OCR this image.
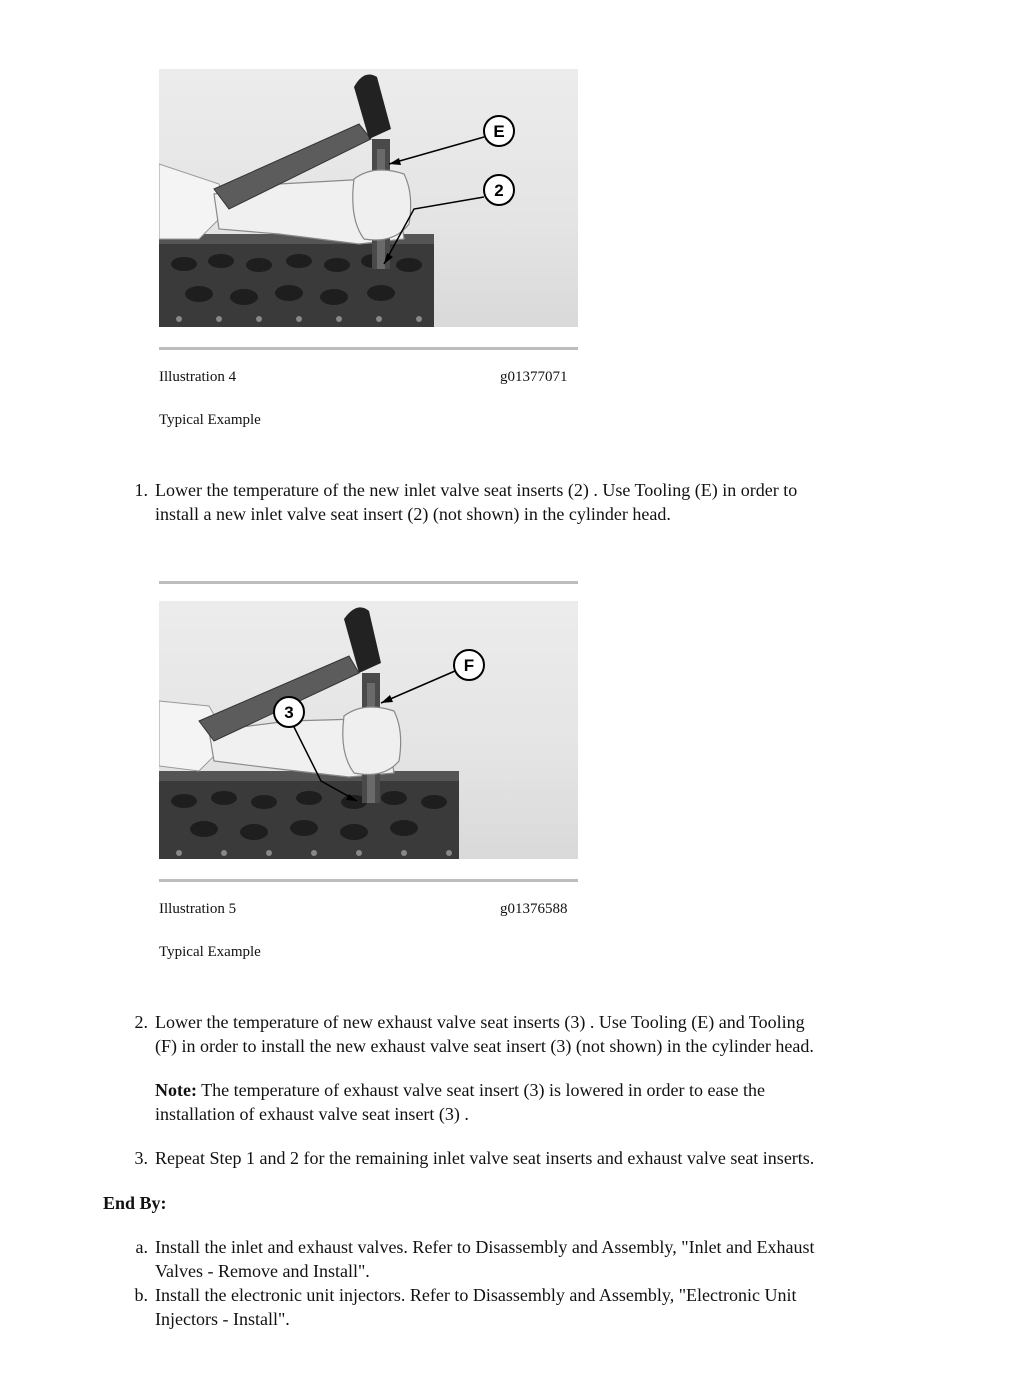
E
2
Illustration 4	g01377071
Typical Example
1. Lower the temperature of the new inlet valve seat inserts (2) . Use Tooling (E) in order to
install a new inlet valve seat insert (2) (not shown) in the cylinder head.
F
3
Illustration 5	g01376588
Typical Example
2. Lower the temperature of new exhaust valve seat inserts (3) . Use Tooling (E) and Tooling
(F) in order to install the new exhaust valve seat insert (3) (not shown) in the cylinder head.
Note: The temperature of exhaust valve seat insert (3) is lowered in order to ease the
installation of exhaust valve seat insert (3) .
3. Repeat Step 1 and 2 for the remaining inlet valve seat inserts and exhaust valve seat inserts.
End By:
a. Install the inlet and exhaust valves. Refer to Disassembly and Assembly, "Inlet and Exhaust
Valves - Remove and Install".
b. Install the electronic unit injectors. Refer to Disassembly and Assembly, "Electronic Unit
Injectors - Install".
